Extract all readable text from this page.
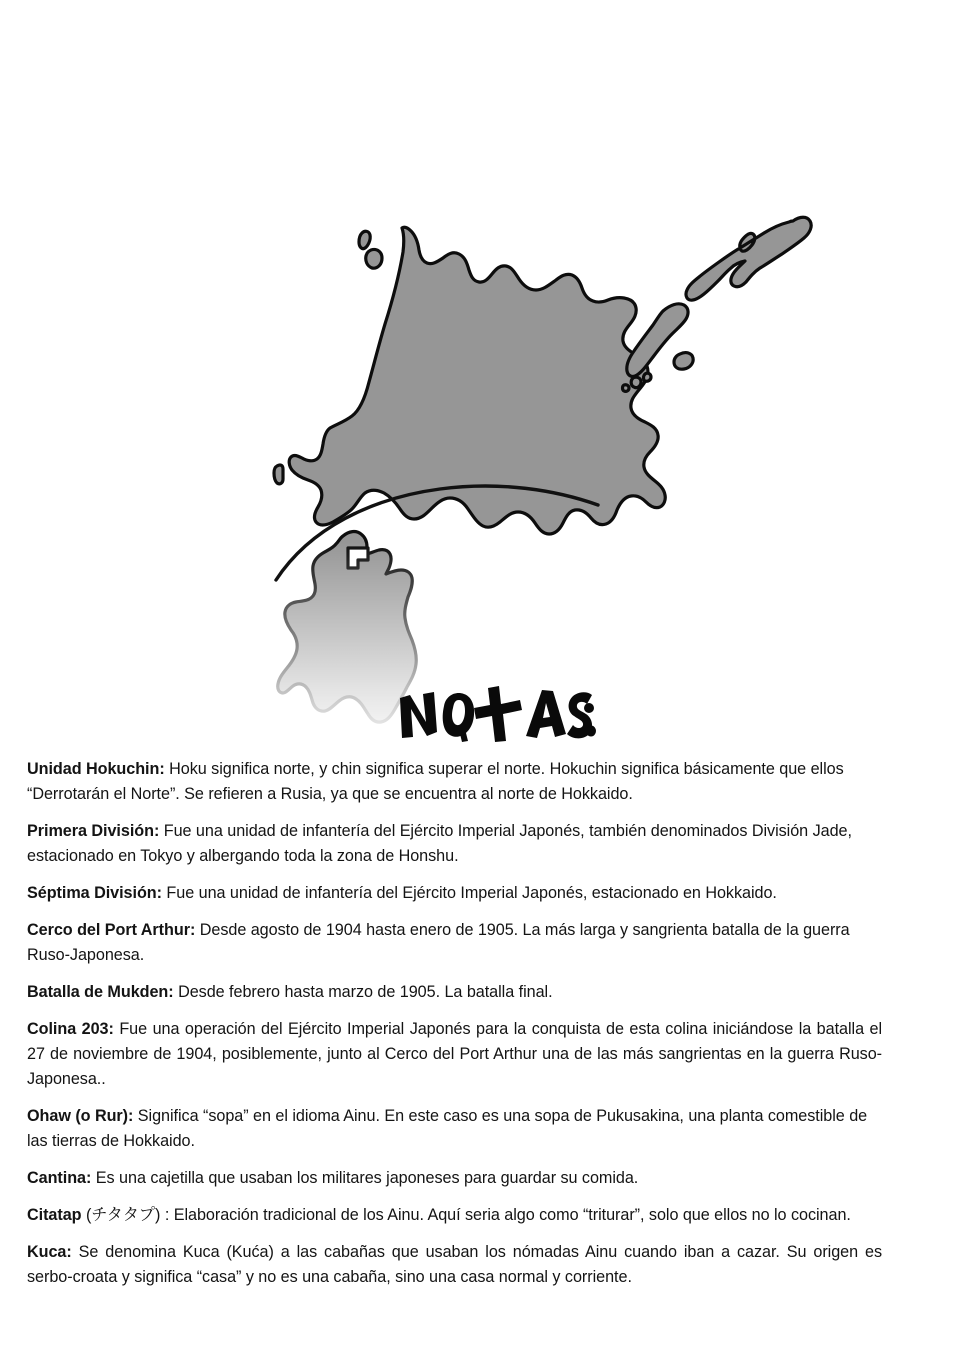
Unidad Hokuchin: Hoku significa norte, y chin significa superar el norte. Hokuchin significa básicamente que ellos “Derrotarán el Norte”. Se refieren a Rusia, ya que se encuentra al norte de Hokkaido.

Primera División: Fue una unidad de infantería del Ejército Imperial Japonés, también denominados División Jade, estacionado en Tokyo y albergando toda la zona de Honshu.

Séptima División: Fue una unidad de infantería del Ejército Imperial Japonés, estacionado en Hokkaido.

Cerco del Port Arthur: Desde agosto de 1904 hasta enero de 1905. La más larga y sangrienta batalla de la guerra Ruso-Japonesa.

Batalla de Mukden: Desde febrero hasta marzo de 1905. La batalla final.

Colina 203: Fue una operación del Ejército Imperial Japonés para la conquista de esta colina iniciándose la batalla el 27 de noviembre de 1904, posiblemente, junto al Cerco del Port Arthur una de las más sangrientas en la guerra Ruso-Japonesa..

Ohaw (o Rur): Significa “sopa” en el idioma Ainu. En este caso es una sopa de Pukusakina, una planta comestible de las tierras de Hokkaido.

Cantina: Es una cajetilla que usaban los militares japoneses para guardar su comida.

Citatap (チタタプ) : Elaboración tradicional de los Ainu. Aquí seria algo como “triturar”, solo que ellos no lo cocinan.

Kuca: Se denomina Kuca (Kuća) a las cabañas que usaban los nómadas Ainu cuando iban a cazar. Su origen es serbo-croata y significa “casa” y no es una cabaña, sino una casa normal y corriente.
